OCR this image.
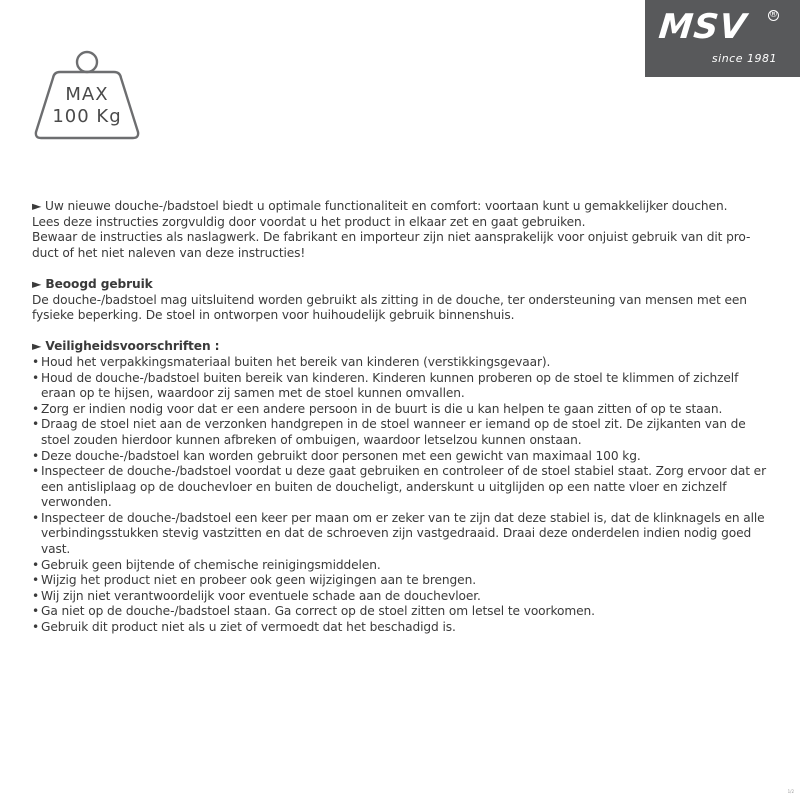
MSV ®
since 1981
MAX
100 Kg

► Uw nieuwe douche-/badstoel biedt u optimale functionaliteit en comfort: voortaan kunt u gemakkelijker douchen.

Lees deze instructies zorgvuldig door voordat u het product in elkaar zet en gaat gebruiken.

Bewaar de instructies als naslagwerk. De fabrikant en importeur zijn niet aansprakelijk voor onjuist gebruik van dit pro-

duct of het niet naleven van deze instructies!

► Beoogd gebruik

De douche-/badstoel mag uitsluitend worden gebruikt als zitting in de douche, ter ondersteuning van mensen met een

fysieke beperking. De stoel in ontworpen voor huihoudelijk gebruik binnenshuis.

► Veiligheidsvoorschriften :

• Houd het verpakkingsmateriaal buiten het bereik van kinderen (verstikkingsgevaar).
• Houd de douche-/badstoel buiten bereik van kinderen. Kinderen kunnen proberen op de stoel te klimmen of zichzelf eraan op te hijsen, waardoor zij samen met de stoel kunnen omvallen.
• Zorg er indien nodig voor dat er een andere persoon in de buurt is die u kan helpen te gaan zitten of op te staan.
• Draag de stoel niet aan de verzonken handgrepen in de stoel wanneer er iemand op de stoel zit. De zijkanten van de stoel zouden hierdoor kunnen afbreken of ombuigen, waardoor letselzou kunnen onstaan.
• Deze douche-/badstoel kan worden gebruikt door personen met een gewicht van maximaal 100 kg.
• Inspecteer de douche-/badstoel voordat u deze gaat gebruiken en controleer of de stoel stabiel staat. Zorg ervoor dat er een antisliplaag op de douchevloer en buiten de doucheligt, anderskunt u uitglijden op een natte vloer en zichzelf verwonden.
• Inspecteer de douche-/badstoel een keer per maan om er zeker van te zijn dat deze stabiel is, dat de klinknagels en alle verbindingsstukken stevig vastzitten en dat de schroeven zijn vastgedraaid. Draai deze onderdelen indien nodig goed vast.
• Gebruik geen bijtende of chemische reinigingsmiddelen.
• Wijzig het product niet en probeer ook geen wijzigingen aan te brengen.
• Wij zijn niet verantwoordelijk voor eventuele schade aan de douchevloer.
• Ga niet op de douche-/badstoel staan. Ga correct op de stoel zitten om letsel te voorkomen.
• Gebruik dit product niet als u ziet of vermoedt dat het beschadigd is.
1/2
